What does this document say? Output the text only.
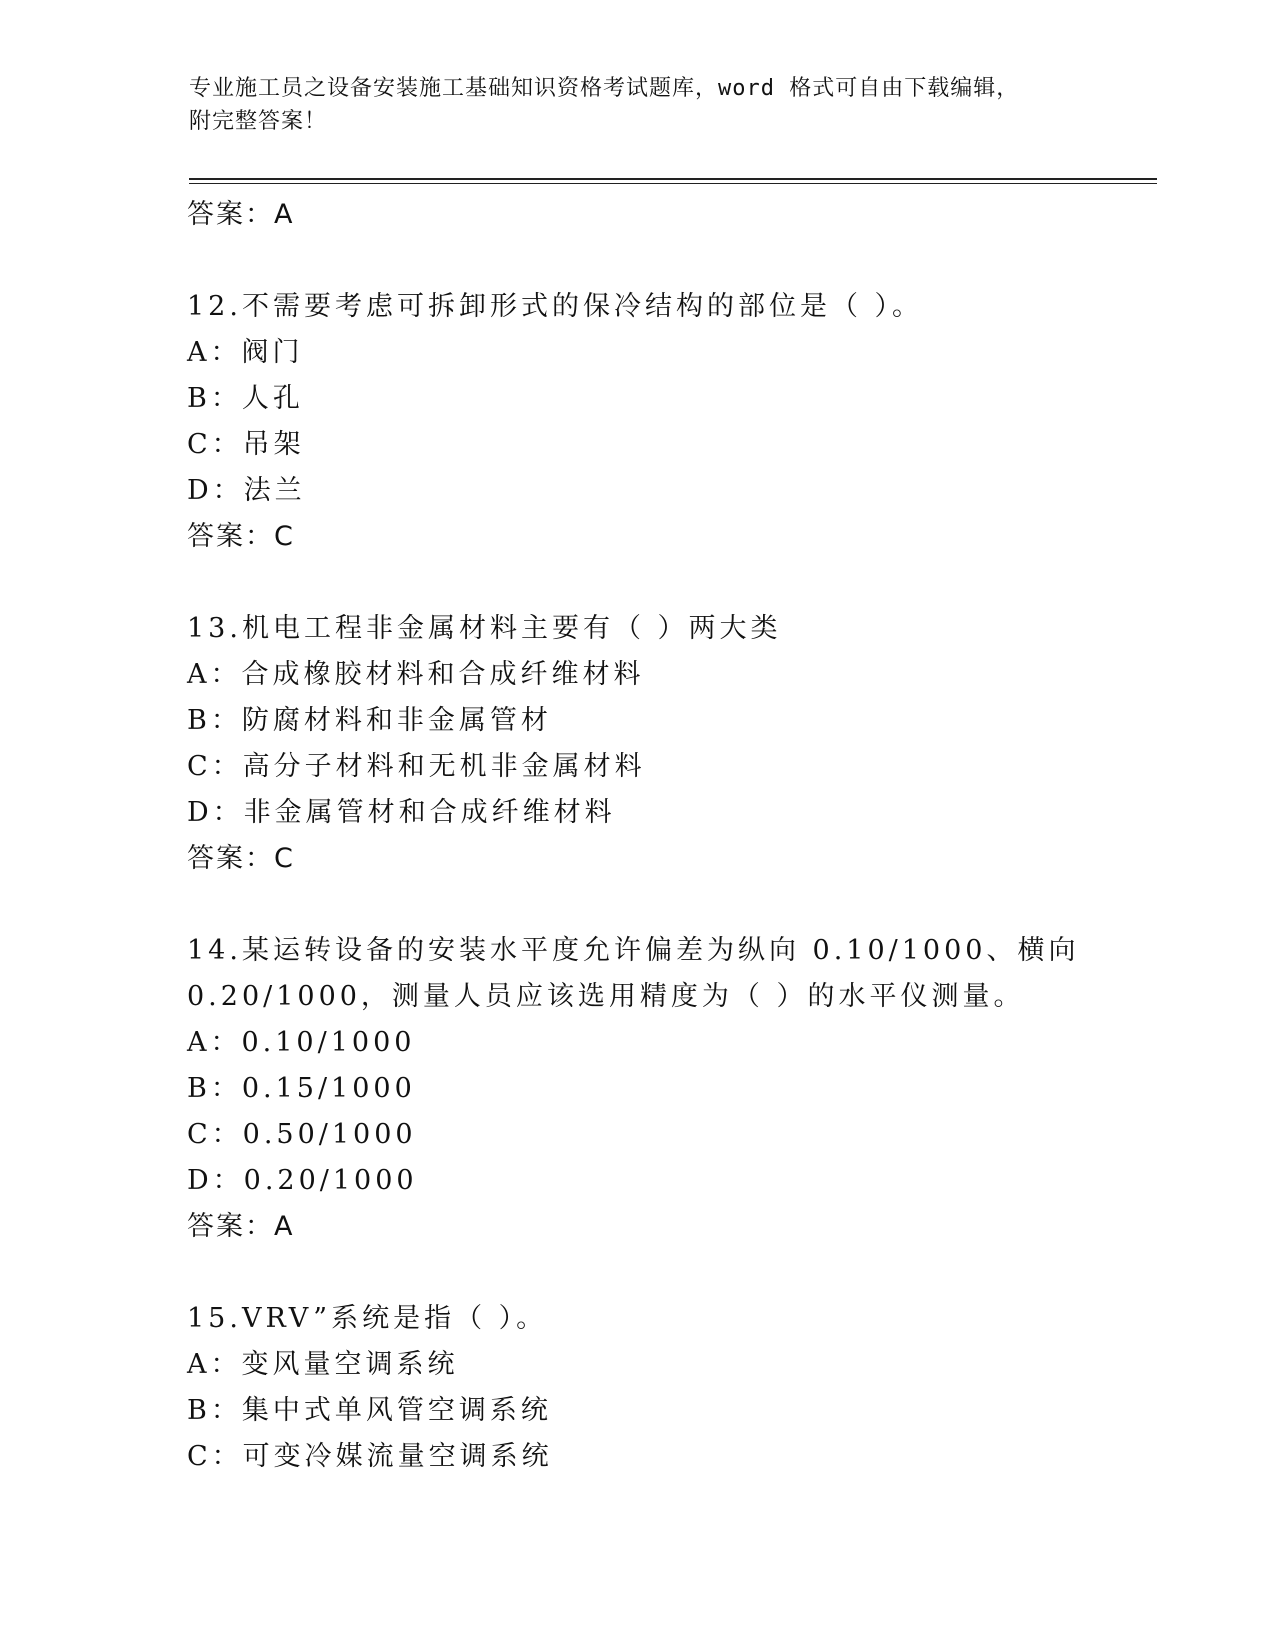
专业施工员之设备安装施工基础知识资格考试题库，word 格式可自由下载编辑，
附完整答案！
答案：A
12.不需要考虑可拆卸形式的保冷结构的部位是（ ）。
A：阀门
B：人孔
C：吊架
D：法兰
答案：C
13.机电工程非金属材料主要有（ ）两大类
A：合成橡胶材料和合成纤维材料
B：防腐材料和非金属管材
C：高分子材料和无机非金属材料
D：非金属管材和合成纤维材料
答案：C
14.某运转设备的安装水平度允许偏差为纵向 0.10/1000、横向
0.20/1000，测量人员应该选用精度为（ ）的水平仪测量。
A：0.10/1000
B：0.15/1000
C：0.50/1000
D：0.20/1000
答案：A
15.VRV”系统是指（ ）。
A：变风量空调系统
B：集中式单风管空调系统
C：可变冷媒流量空调系统
